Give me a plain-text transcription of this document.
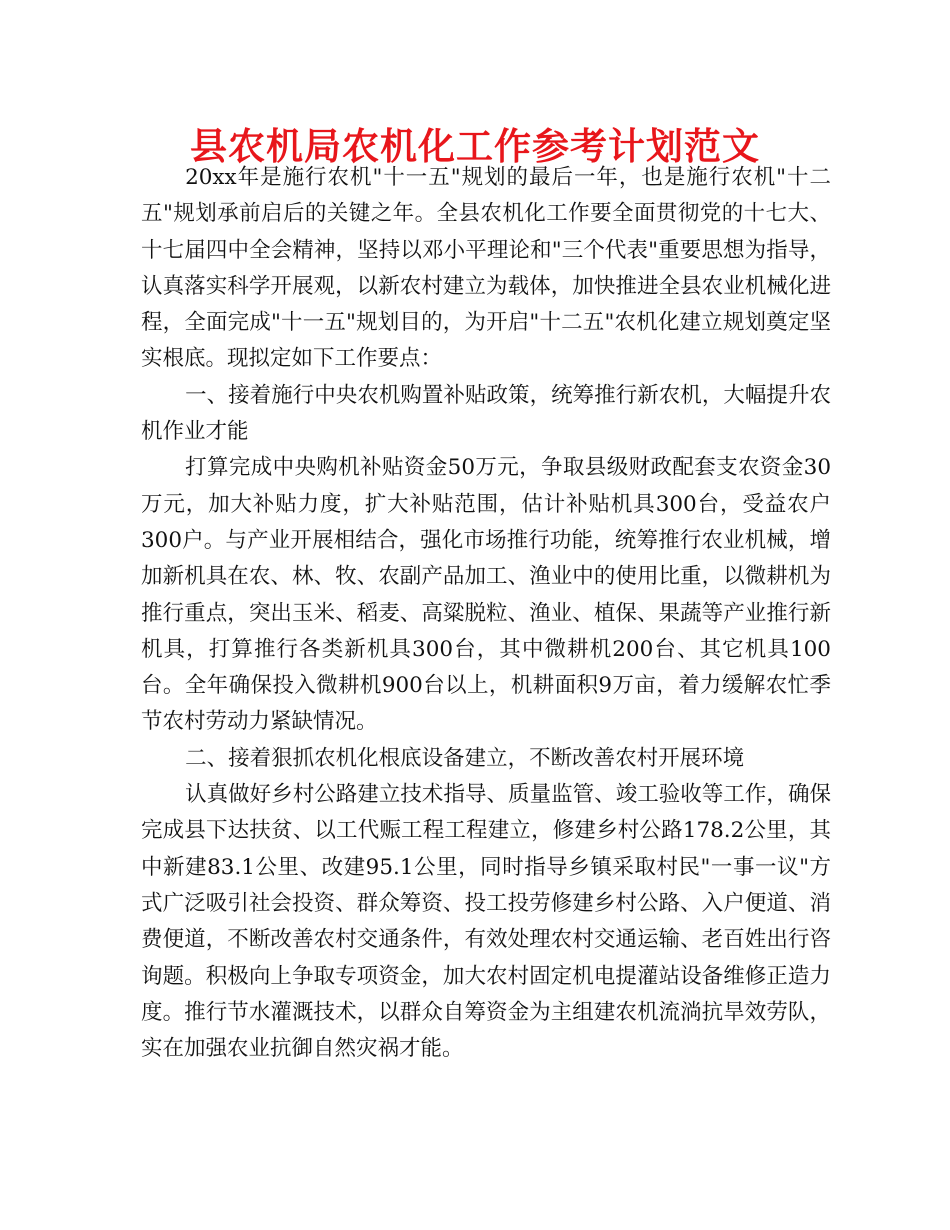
县农机局农机化工作参考计划范文

20xx年是施行农机"十一五"规划的最后一年，也是施行农机"十二五"规划承前启后的关键之年。全县农机化工作要全面贯彻党的十七大、十七届四中全会精神，坚持以邓小平理论和"三个代表"重要思想为指导，认真落实科学开展观，以新农村建立为载体，加快推进全县农业机械化进程，全面完成"十一五"规划目的，为开启"十二五"农机化建立规划奠定坚实根底。现拟定如下工作要点：

一、接着施行中央农机购置补贴政策，统筹推行新农机，大幅提升农机作业才能

打算完成中央购机补贴资金50万元，争取县级财政配套支农资金30万元，加大补贴力度，扩大补贴范围，估计补贴机具300台，受益农户300户。与产业开展相结合，强化市场推行功能，统筹推行农业机械，增加新机具在农、林、牧、农副产品加工、渔业中的使用比重，以微耕机为推行重点，突出玉米、稻麦、高粱脱粒、渔业、植保、果蔬等产业推行新机具，打算推行各类新机具300台，其中微耕机200台、其它机具100台。全年确保投入微耕机900台以上，机耕面积9万亩，着力缓解农忙季节农村劳动力紧缺情况。

二、接着狠抓农机化根底设备建立，不断改善农村开展环境

认真做好乡村公路建立技术指导、质量监管、竣工验收等工作，确保完成县下达扶贫、以工代赈工程工程建立，修建乡村公路178.2公里，其中新建83.1公里、改建95.1公里，同时指导乡镇采取村民"一事一议"方式广泛吸引社会投资、群众筹资、投工投劳修建乡村公路、入户便道、消费便道，不断改善农村交通条件，有效处理农村交通运输、老百姓出行咨询题。积极向上争取专项资金，加大农村固定机电提灌站设备维修正造力度。推行节水灌溉技术，以群众自筹资金为主组建农机流淌抗旱效劳队，实在加强农业抗御自然灾祸才能。
